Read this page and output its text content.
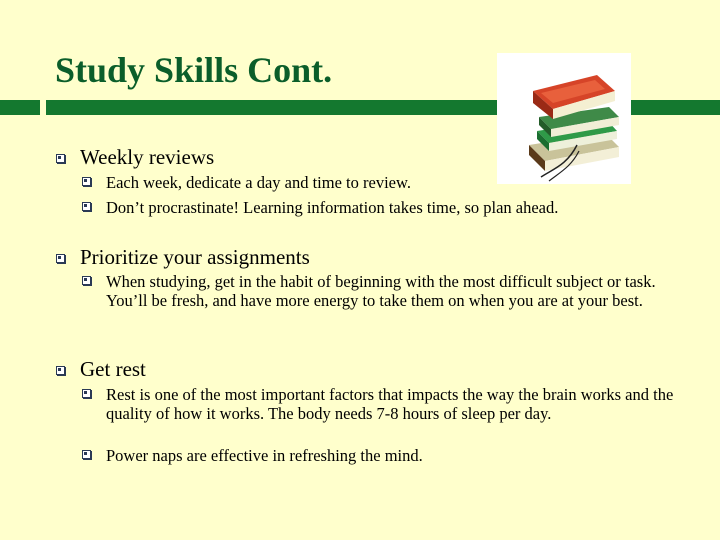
Study Skills Cont.

Weekly reviews

Each week, dedicate a day and time to review.

Don’t procrastinate! Learning information takes time, so plan ahead.

Prioritize your assignments

When studying, get in the habit of beginning with the most difficult subject or task. You’ll be fresh, and have more energy to take them on when you are at your best.

Get rest

Rest is one of the most important factors that impacts the way the brain works and the quality of how it works. The body needs 7-8 hours of sleep per day.

Power naps are effective in refreshing the mind.
